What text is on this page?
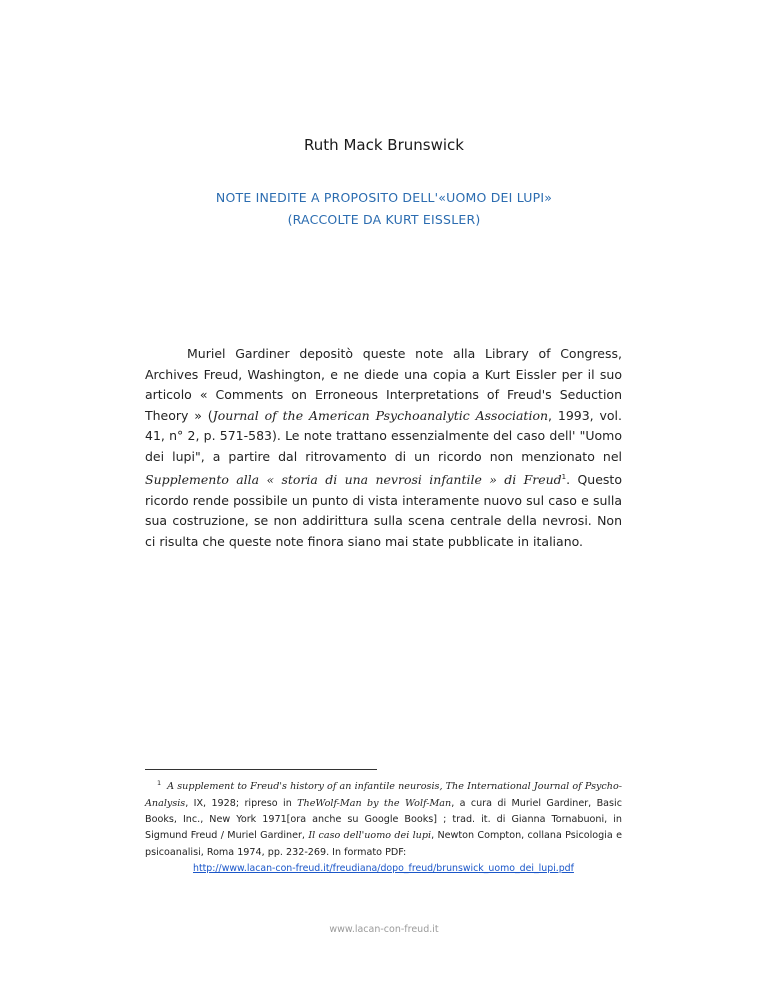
Ruth Mack Brunswick
NOTE INEDITE A PROPOSITO DELL'«UOMO DEI LUPI»
(RACCOLTE DA KURT EISSLER)

Muriel Gardiner depositò queste note alla Library of Congress, Archives Freud, Washington, e ne diede una copia a Kurt Eissler per il suo articolo « Comments on Erroneous Interpretations of Freud's Seduction Theory » (Journal of the American Psychoanalytic Association, 1993, vol. 41, n° 2, p. 571-583). Le note trattano essenzialmente del caso dell' "Uomo dei lupi", a partire dal ritrovamento di un ricordo non menzionato nel Supplemento alla « storia di una nevrosi infantile » di Freud$^1$. Questo ricordo rende possibile un punto di vista interamente nuovo sul caso e sulla sua costruzione, se non addirittura sulla scena centrale della nevrosi. Non ci risulta che queste note finora siano mai state pubblicate in italiano.

$^1$ A supplement to Freud's history of an infantile neurosis, The International Journal of Psycho-Analysis, IX, 1928; ripreso in TheWolf-Man by the Wolf-Man, a cura di Muriel Gardiner, Basic Books, Inc., New York 1971[ora anche su Google Books] ; trad. it. di Gianna Tornabuoni, in Sigmund Freud / Muriel Gardiner, Il caso dell'uomo dei lupi, Newton Compton, collana Psicologia e psicoanalisi, Roma 1974, pp. 232-269. In formato PDF:

http://www.lacan-con-freud.it/freudiana/dopo_freud/brunswick_uomo_dei_lupi.pdf
www.lacan-con-freud.it
